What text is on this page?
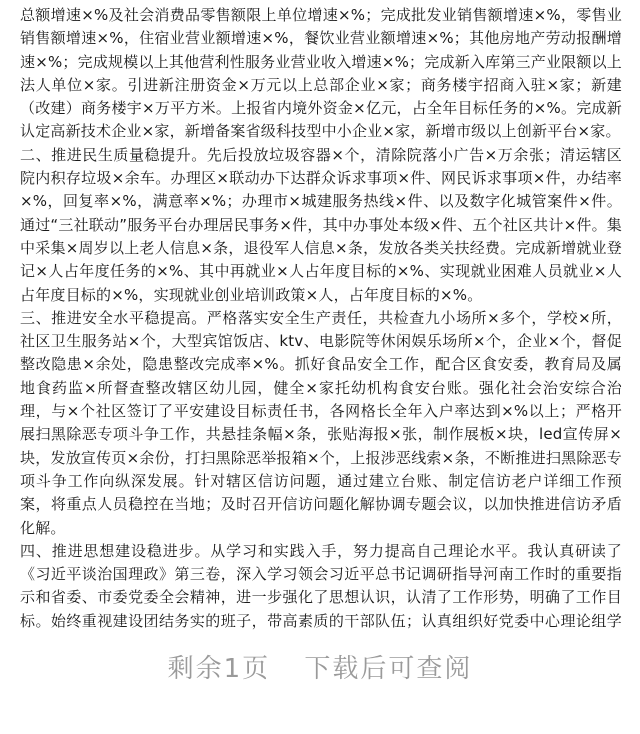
总额增速×%及社会消费品零售额限上单位增速×%；完成批发业销售额增速×%，零售业销售额增速×%，住宿业营业额增速×%，餐饮业营业额增速×%；其他房地产劳动报酬增速×%；完成规模以上其他营利性服务业营业收入增速×%；完成新入库第三产业限额以上法人单位×家。引进新注册资金×万元以上总部企业×家；商务楼宇招商入驻×家；新建（改建）商务楼宇×万平方米。上报省内境外资金×亿元，占全年目标任务的×%。完成新认定高新技术企业×家，新增备案省级科技型中小企业×家，新增市级以上创新平台×家。

二、推进民生质量稳提升。先后投放垃圾容器×个，清除院落小广告×万余张；清运辖区院内积存垃圾×余车。办理区×联动办下达群众诉求事项×件、网民诉求事项×件，办结率×%，回复率×%，满意率×%；办理市×城建服务热线×件、以及数字化城管案件×件。通过“三社联动”服务平台办理居民事务×件，其中办事处本级×件、五个社区共计×件。集中采集×周岁以上老人信息×条，退役军人信息×条，发放各类关扶经费。完成新增就业登记×人占年度任务的×%、其中再就业×人占年度目标的×%、实现就业困难人员就业×人占年度目标的×%，实现就业创业培训政策×人，占年度目标的×%。

三、推进安全水平稳提高。严格落实安全生产责任，共检查九小场所×多个，学校×所，社区卫生服务站×个，大型宾馆饭店、ktv、电影院等休闲娱乐场所×个，企业×个，督促整改隐患×余处，隐患整改完成率×%。抓好食品安全工作，配合区食安委，教育局及属地食药监×所督查整改辖区幼儿园，健全×家托幼机构食安台账。强化社会治安综合治理，与×个社区签订了平安建设目标责任书，各网格长全年入户率达到×%以上；严格开展扫黑除恶专项斗争工作，共悬挂条幅×条，张贴海报×张，制作展板×块，led宣传屏×块，发放宣传页×余份，打扫黑除恶举报箱×个，上报涉恶线索×条，不断推进扫黑除恶专项斗争工作向纵深发展。针对辖区信访问题，通过建立台账、制定信访老户详细工作预案，将重点人员稳控在当地；及时召开信访问题化解协调专题会议，以加快推进信访矛盾化解。

四、推进思想建设稳进步。从学习和实践入手，努力提高自己理论水平。我认真研读了《习近平谈治国理政》第三卷，深入学习领会习近平总书记调研指导河南工作时的重要指示和省委、市委党委全会精神，进一步强化了思想认识，认清了工作形势，明确了工作目标。始终重视建设团结务实的班子，带高素质的干部队伍；认真组织好党委中心理论组学

剩余1页 下载后可查阅
